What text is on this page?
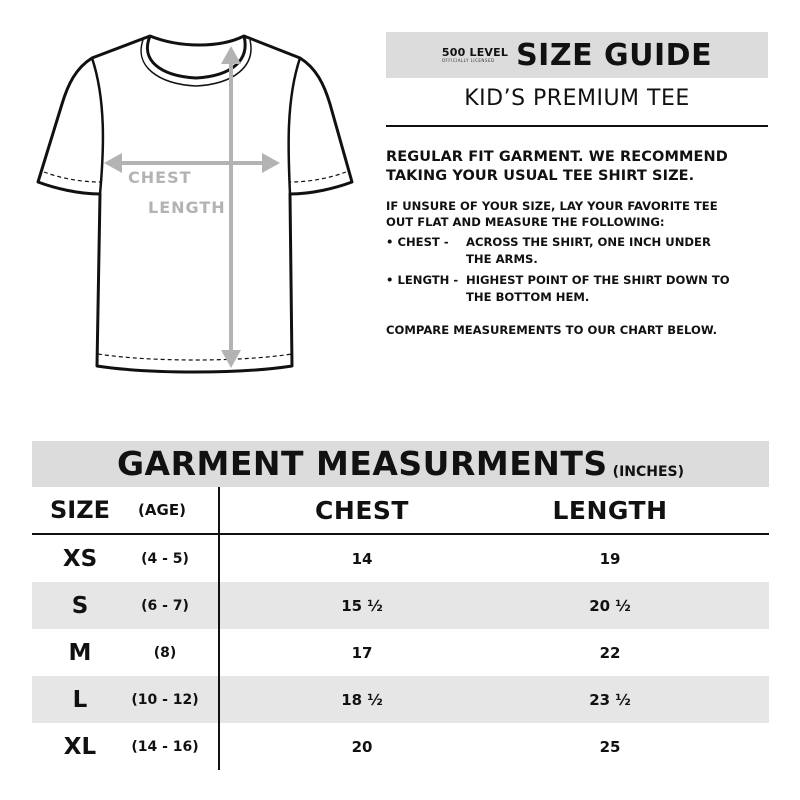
CHEST
LENGTH
500 LEVEL
OFFICIALLY LICENSED SIZE GUIDE
KID’S PREMIUM TEE
REGULAR FIT GARMENT. WE RECOMMEND
TAKING YOUR USUAL TEE SHIRT SIZE.
IF UNSURE OF YOUR SIZE, LAY YOUR FAVORITE TEE
OUT FLAT AND MEASURE THE FOLLOWING:
• CHEST -	ACROSS THE SHIRT, ONE INCH UNDER
THE ARMS.
• LENGTH - HIGHEST POINT OF THE SHIRT DOWN TO
THE BOTTOM HEM.
COMPARE MEASUREMENTS TO OUR CHART BELOW.
GARMENT MEASURMENTS (INCHES)
SIZE	(AGE)	CHEST	LENGTH
XS	(4 - 5)	14	19
S	(6 - 7)	15 ½	20 ½
M	(8)	17	22
L	(10 - 12)	18 ½	23 ½
XL	(14 - 16)	20	25
